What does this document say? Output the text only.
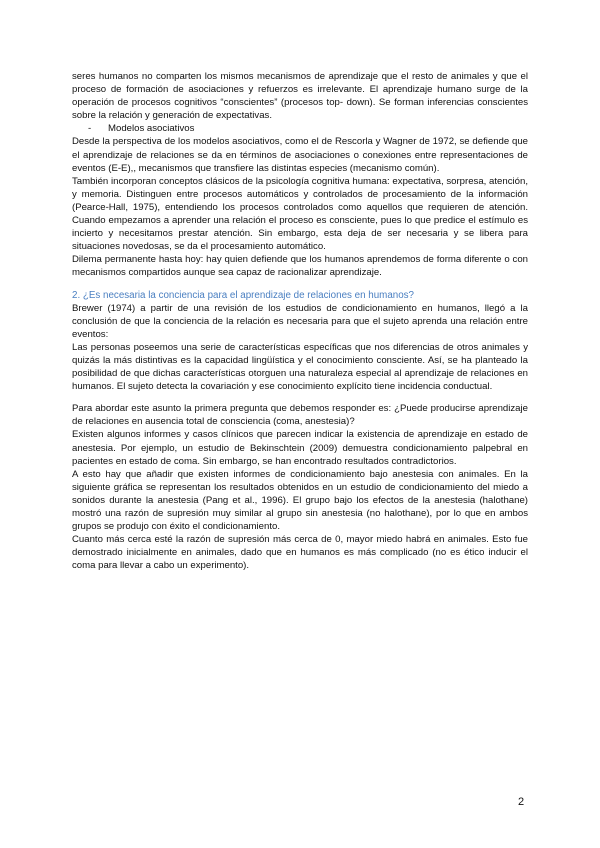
seres humanos no comparten los mismos mecanismos de aprendizaje que el resto de animales y que el proceso de formación de asociaciones y refuerzos es irrelevante. El aprendizaje humano surge de la operación de procesos cognitivos “conscientes” (procesos top- down). Se forman inferencias conscientes sobre la relación y generación de expectativas.

-	Modelos asociativos

Desde la perspectiva de los modelos asociativos, como el de Rescorla y Wagner de 1972, se defiende que el aprendizaje de relaciones se da en términos de asociaciones o conexiones entre representaciones de eventos (E-E),, mecanismos que transfiere las distintas especies (mecanismo común).

También incorporan conceptos clásicos de la psicología cognitiva humana: expectativa, sorpresa, atención, y memoria. Distinguen entre procesos automáticos y controlados de procesamiento de la información (Pearce-Hall, 1975), entendiendo los procesos controlados como aquellos que requieren de atención. Cuando empezamos a aprender una relación el proceso es consciente, pues lo que predice el estímulo es incierto y necesitamos prestar atención. Sin embargo, esta deja de ser necesaria y se libera para situaciones novedosas, se da el procesamiento automático.

Dilema permanente hasta hoy: hay quien defiende que los humanos aprendemos de forma diferente o con mecanismos compartidos aunque sea capaz de racionalizar aprendizaje.

2. ¿Es necesaria la conciencia para el aprendizaje de relaciones en humanos?

Brewer (1974) a partir de una revisión de los estudios de condicionamiento en humanos, llegó a la conclusión de que la conciencia de la relación es necesaria para que el sujeto aprenda una relación entre eventos:

Las personas poseemos una serie de características específicas que nos diferencias de otros animales y quizás la más distintivas es la capacidad lingüística y el conocimiento consciente. Así, se ha planteado la posibilidad de que dichas características otorguen una naturaleza especial al aprendizaje de relaciones en humanos. El sujeto detecta la covariación y ese conocimiento explícito tiene incidencia conductual.

Para abordar este asunto la primera pregunta que debemos responder es: ¿Puede producirse aprendizaje de relaciones en ausencia total de consciencia (coma, anestesia)?

Existen algunos informes y casos clínicos que parecen indicar la existencia de aprendizaje en estado de anestesia. Por ejemplo, un estudio de Bekinschtein (2009) demuestra condicionamiento palpebral en pacientes en estado de coma. Sin embargo, se han encontrado resultados contradictorios.

A esto hay que añadir que existen informes de condicionamiento bajo anestesia con animales. En la siguiente gráfica se representan los resultados obtenidos en un estudio de condicionamiento del miedo a sonidos durante la anestesia (Pang et al., 1996). El grupo bajo los efectos de la anestesia (halothane) mostró una razón de supresión muy similar al grupo sin anestesia (no halothane), por lo que en ambos grupos se produjo con éxito el condicionamiento.

Cuanto más cerca esté la razón de supresión más cerca de 0, mayor miedo habrá en animales. Esto fue demostrado inicialmente en animales, dado que en humanos es más complicado (no es ético inducir el coma para llevar a cabo un experimento).

2
